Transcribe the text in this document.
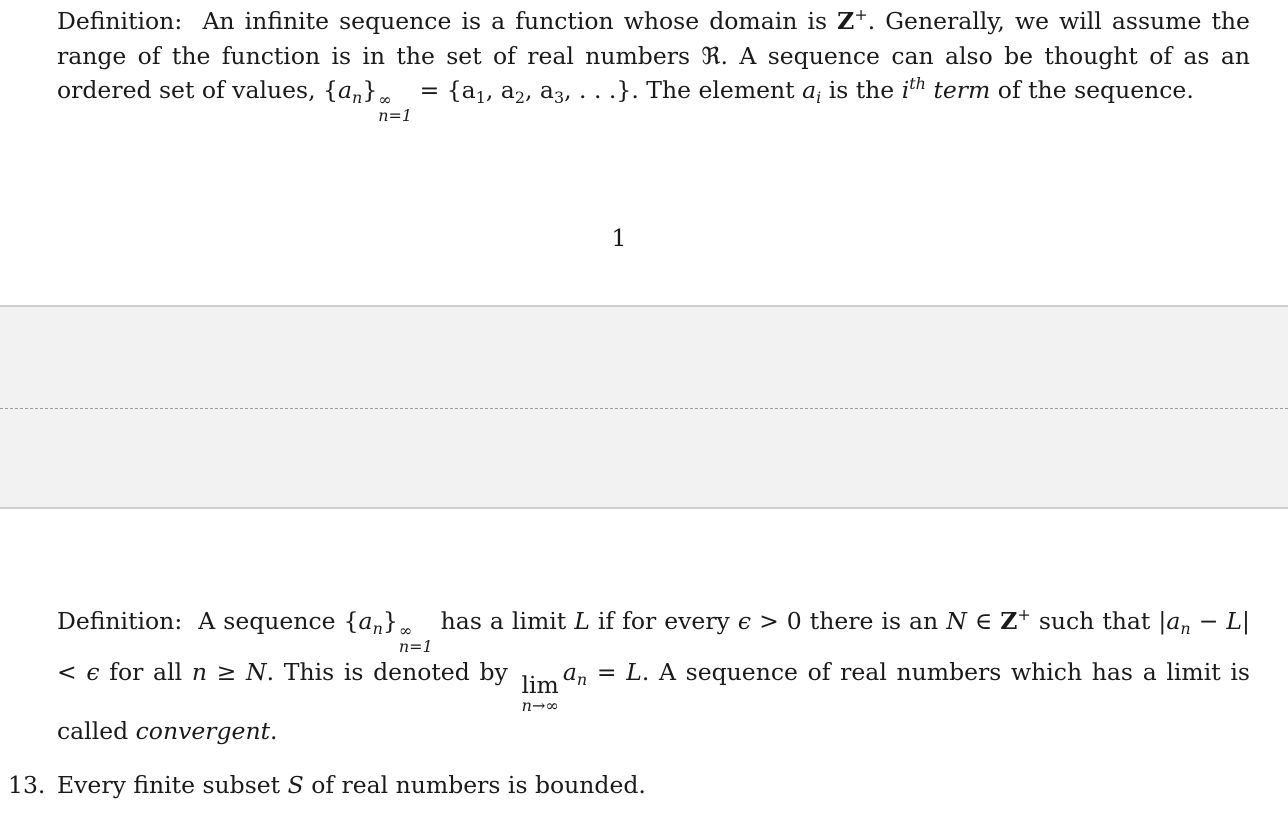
Definition: An infinite sequence is a function whose domain is Z+. Generally, we will assume the range of the function is in the set of real numbers ℜ. A sequence can also be thought of as an ordered set of values, $\{a_n\}$ ∞
n=1
= {$a_1$, $a_2$, $a_3$, . . .}. The element $a_i$ is the $i^{th}$ term of the sequence.
1
Definition: A sequence $\{a_n\}$ ∞
n=1
has a limit L if for every ϵ > 0 there is an N ∈ Z+ such that $|a_n - L| < \epsilon$ for all n ≥ N. This is denoted by lim
n→∞
$a_n = L$. A sequence of real numbers which has a limit is called convergent.
13. Every finite subset S of real numbers is bounded.
